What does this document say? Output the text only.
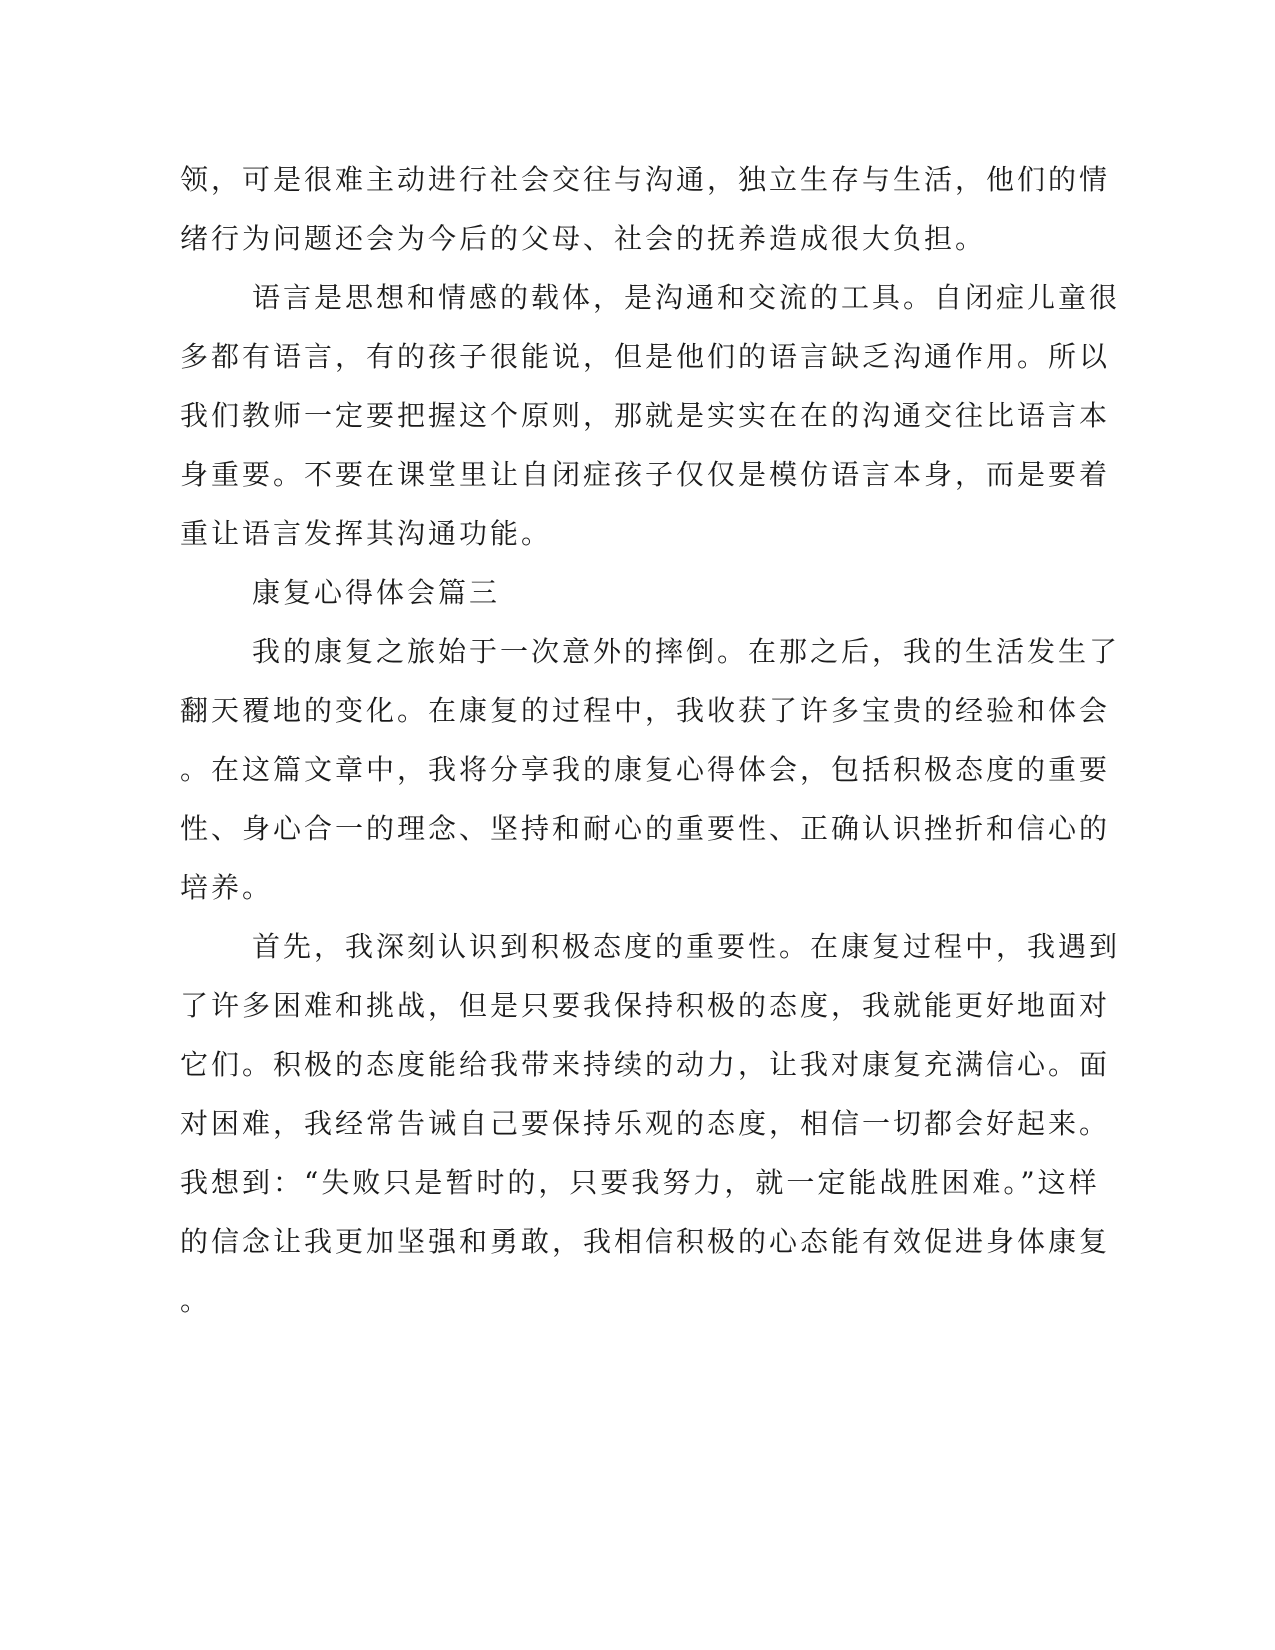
领，可是很难主动进行社会交往与沟通，独立生存与生活，他们的情
绪行为问题还会为今后的父母、社会的抚养造成很大负担。
语言是思想和情感的载体，是沟通和交流的工具。自闭症儿童很
多都有语言，有的孩子很能说，但是他们的语言缺乏沟通作用。所以
我们教师一定要把握这个原则，那就是实实在在的沟通交往比语言本
身重要。不要在课堂里让自闭症孩子仅仅是模仿语言本身，而是要着
重让语言发挥其沟通功能。
康复心得体会篇三
我的康复之旅始于一次意外的摔倒。在那之后，我的生活发生了
翻天覆地的变化。在康复的过程中，我收获了许多宝贵的经验和体会
。在这篇文章中，我将分享我的康复心得体会，包括积极态度的重要
性、身心合一的理念、坚持和耐心的重要性、正确认识挫折和信心的
培养。
首先，我深刻认识到积极态度的重要性。在康复过程中，我遇到
了许多困难和挑战，但是只要我保持积极的态度，我就能更好地面对
它们。积极的态度能给我带来持续的动力，让我对康复充满信心。面
对困难，我经常告诫自己要保持乐观的态度，相信一切都会好起来。
我想到：“失败只是暂时的，只要我努力，就一定能战胜困难。”这样
的信念让我更加坚强和勇敢，我相信积极的心态能有效促进身体康复
。
